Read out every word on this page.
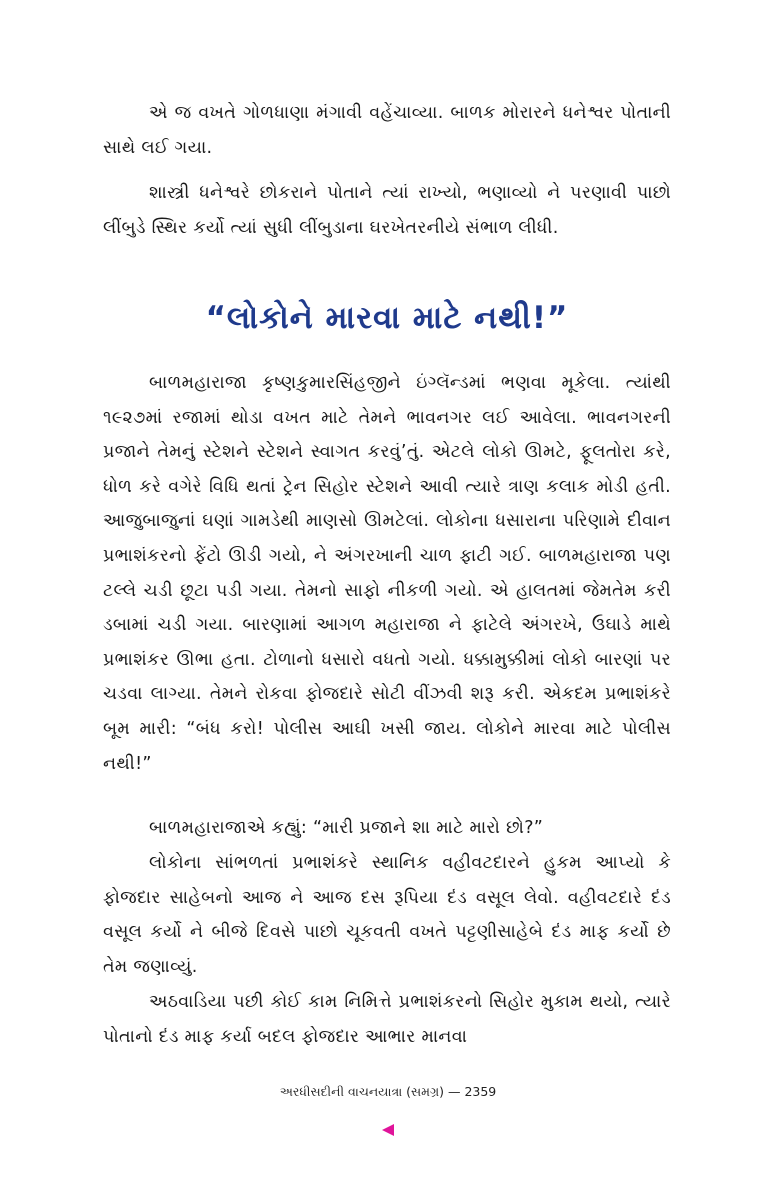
એ જ વખતે ગોળધાણા મંગાવી વહેંચાવ્યા. બાળક મોરારને ધનેશ્વર પોતાની સાથે લઈ ગયા.

શાસ્ત્રી ધનેશ્વરે છોકરાને પોતાને ત્યાં રાખ્યો, ભણાવ્યો ને પરણાવી પાછો લીંબુડે સ્થિર કર્યો ત્યાં સુધી લીંબુડાના ઘરખેતરનીયે સંભાળ લીધી.

“લોકોને મારવા માટે નથી!”

બાળમહારાજા કૃષ્ણકુમારસિંહજીને ઇંગ્લૅન્ડમાં ભણવા મૂકેલા. ત્યાંથી ૧૯૨૭માં રજામાં થોડા વખત માટે તેમને ભાવનગર લઈ આવેલા. ભાવનગરની પ્રજાને તેમનું સ્ટેશને સ્ટેશને સ્વાગત કરવું’તું. એટલે લોકો ઊમટે, ફૂલતોરા કરે, ધોળ કરે વગેરે વિધિ થતાં ટ્રેન સિહોર સ્ટેશને આવી ત્યારે ત્રાણ કલાક મોડી હતી. આજુબાજુનાં ઘણાં ગામડેથી માણસો ઊમટેલાં. લોકોના ધસારાના પરિણામે દીવાન પ્રભાશંકરનો ફેંટો ઊડી ગયો, ને અંગરખાની ચાળ ફાટી ગઈ. બાળમહારાજા પણ ટલ્લે ચડી છૂટા પડી ગયા. તેમનો સાફો નીકળી ગયો. એ હાલતમાં જેમતેમ કરી ડબામાં ચડી ગયા. બારણામાં આગળ મહારાજા ને ફાટેલે અંગરખે, ઉઘાડે માથે પ્રભાશંકર ઊભા હતા. ટોળાનો ધસારો વધતો ગયો. ધક્કામુક્કીમાં લોકો બારણાં પર ચડવા લાગ્યા. તેમને રોકવા ફોજદારે સોટી વીંઝવી શરૂ કરી. એકદમ પ્રભાશંકરે બૂમ મારી: “બંધ કરો! પોલીસ આઘી ખસી જાય. લોકોને મારવા માટે પોલીસ નથી!”

બાળમહારાજાએ કહ્યું: “મારી પ્રજાને શા માટે મારો છો?”

લોકોના સાંભળતાં પ્રભાશંકરે સ્થાનિક વહીવટદારને હુકમ આપ્યો કે ફોજદાર સાહેબનો આજ ને આજ દસ રૂપિયા દંડ વસૂલ લેવો. વહીવટદારે દંડ વસૂલ કર્યો ને બીજે દિવસે પાછો ચૂકવતી વખતે પટ્ટણીસાહેબે દંડ માફ કર્યો છે તેમ જણાવ્યું.

અઠવાડિયા પછી કોઈ કામ નિમિત્તે પ્રભાશંકરનો સિહોર મુકામ થયો, ત્યારે પોતાનો દંડ માફ કર્યા બદલ ફોજદાર આભાર માનવા

અરધીસદીની વાચનયાત્રા (સમગ્ર) — 2359
